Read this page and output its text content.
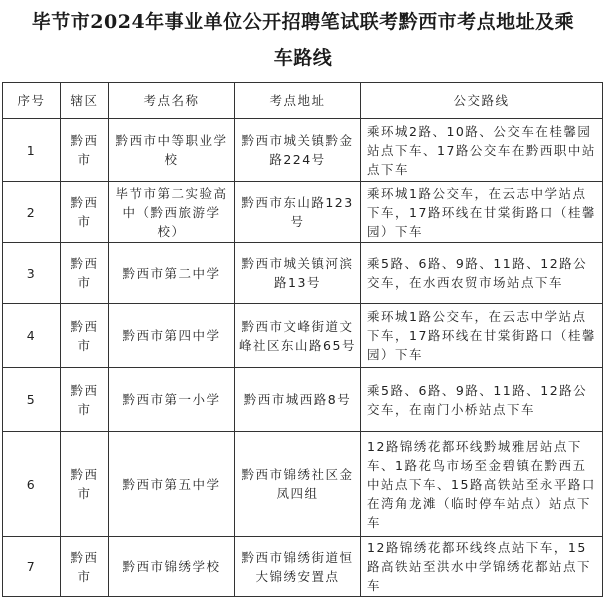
毕节市2024年事业单位公开招聘笔试联考黔西市考点地址及乘
车路线
序号	辖区	考点名称	考点地址	公交路线
1	黔西市	黔西市中等职业学校	黔西市城关镇黔金路224号	乘环城2路、10路、公交车在桂馨园站点下车、17路公交车在黔西职中站点下车
2	黔西市	毕节市第二实验高中（黔西旅游学校）	黔西市东山路123号	乘环城1路公交车，在云志中学站点下车，17路环线在甘棠街路口（桂馨园）下车
3	黔西市	黔西市第二中学	黔西市城关镇河滨路13号	乘5路、6路、9路、11路、12路公交车，在水西农贸市场站点下车
4	黔西市	黔西市第四中学	黔西市文峰街道文峰社区东山路65号	乘环城1路公交车，在云志中学站点下车，17路环线在甘棠街路口（桂馨园）下车
5	黔西市	黔西市第一小学	黔西市城西路8号	乘5路、6路、9路、11路、12路公交车，在南门小桥站点下车
6	黔西市	黔西市第五中学	黔西市锦绣社区金凤四组	12路锦绣花都环线黔城雅居站点下车、1路花鸟市场至金碧镇在黔西五中站点下车、15路高铁站至永平路口在湾角龙滩（临时停车站点）站点下车
7	黔西市	黔西市锦绣学校	黔西市锦绣街道恒大锦绣安置点	12路锦绣花都环线终点站下车，15路高铁站至洪水中学锦绣花都站点下车
